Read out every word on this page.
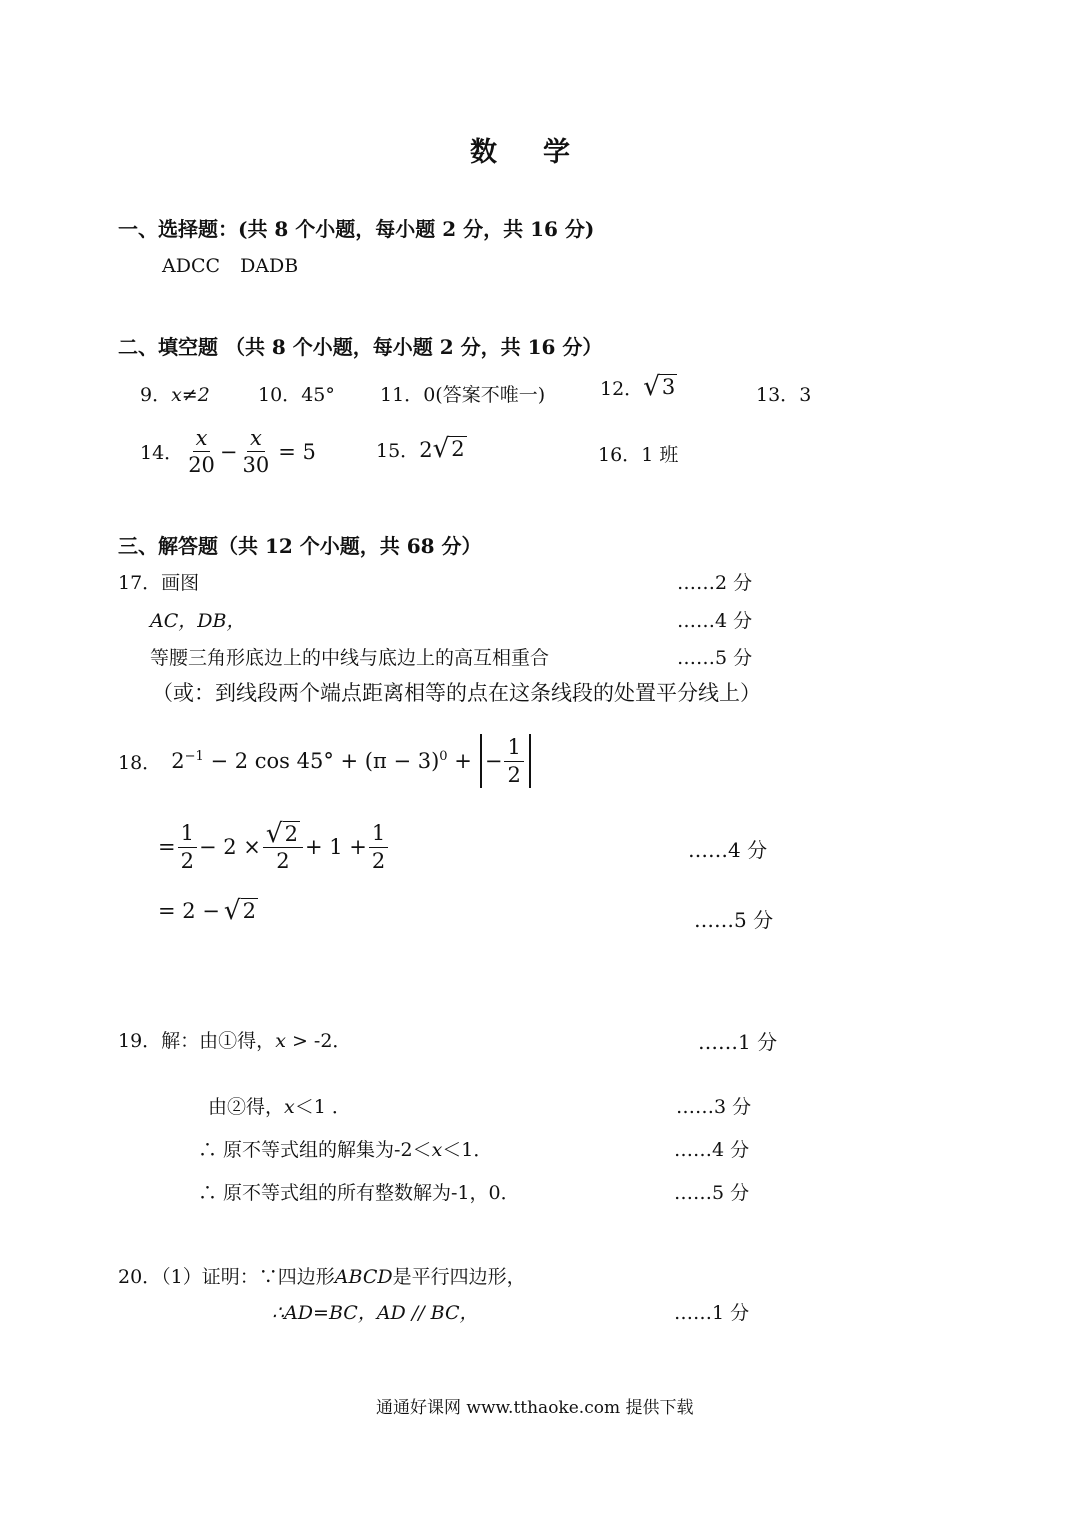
数学
一、选择题：(共 8 个小题，每小题 2 分，共 16 分)
ADCC DADB
二、填空题 （共 8 个小题，每小题 2 分，共 16 分）
9．x≠2	10．45° 11．0(答案不唯一)	12． √ 3	13．3
14． $\frac{x}{20} - \frac{x}{30} = 5$	15． 2 √ 2	16．1 班
三、解答题（共 12 个小题，共 68 分）
17．画图	……2 分
AC，DB，	……4 分
等腰三角形底边上的中线与底边上的高互相重合	……5 分
（或：到线段两个端点距离相等的点在这条线段的处置平分线上）
18． $2^{-1} - 2$ $\cos 45^\circ + (\pi - 3)^0$ + − $\frac{1}{2}$
= $\frac{1}{2} - 2 \times \frac{√ 2}{2} + 1 + \frac{1}{2}$	……4 分
= 2 − √ 2	……5 分
19．解：由①得，x > -2．	……1 分
由②得，x＜1 ．	……3 分
∴ 原不等式组的解集为-2＜x＜1．	……4 分
∴ 原不等式组的所有整数解为-1，0．	……5 分
20．（1）证明：∵四边形ABCD是平行四边形，
∴AD=BC，AD // BC，	……1 分
通通好课网 www.tthaoke.com 提供下载
